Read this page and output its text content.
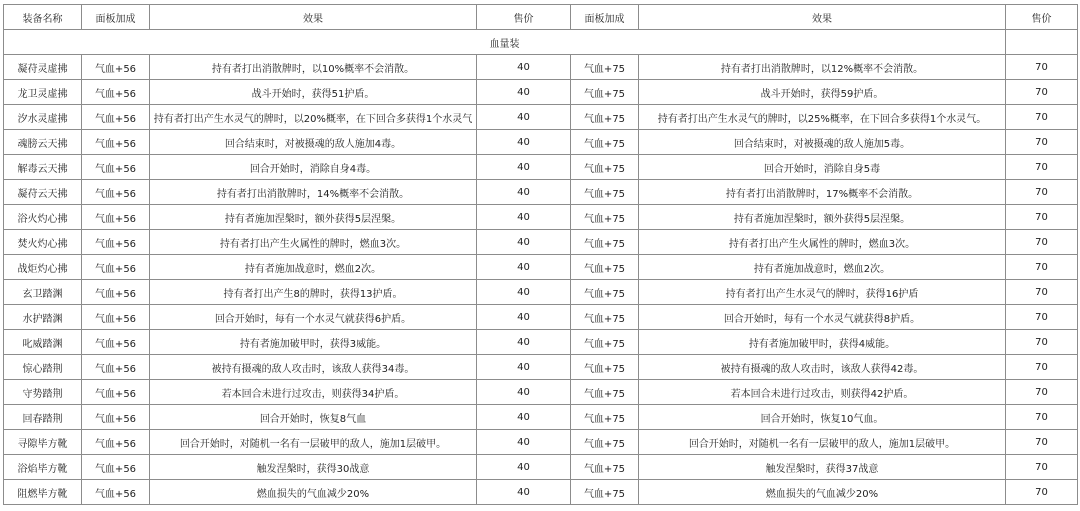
装备名称	面板加成	效果	售价	面板加成	效果	售价
血量装						
凝苻灵虚拂	气血+56	持有者打出消散牌时，以10%概率不会消散。	40	气血+75	持有者打出消散牌时，以12%概率不会消散。	70
龙卫灵虚拂	气血+56	战斗开始时，获得51护盾。	40	气血+75	战斗开始时，获得59护盾。	70
汐水灵虚拂	气血+56	持有者打出产生水灵气的牌时，以20%概率，在下回合多获得1个水灵气	40	气血+75	持有者打出产生水灵气的牌时，以25%概率，在下回合多获得1个水灵气。	70
魂膀云天拂	气血+56	回合结束时，对被摄魂的敌人施加4毒。	40	气血+75	回合结束时，对被摄魂的敌人施加5毒。	70
解毒云天拂	气血+56	回合开始时，消除自身4毒。	40	气血+75	回合开始时，消除自身5毒	70
凝苻云天拂	气血+56	持有者打出消散牌时，14%概率不会消散。	40	气血+75	持有者打出消散牌时，17%概率不会消散。	70
浴火灼心拂	气血+56	持有者施加涅槃时，额外获得5层涅槃。	40	气血+75	持有者施加涅槃时，额外获得5层涅槃。	70
焚火灼心拂	气血+56	持有者打出产生火属性的牌时，燃血3次。	40	气血+75	持有者打出产生火属性的牌时，燃血3次。	70
战炬灼心拂	气血+56	持有者施加战意时，燃血2次。	40	气血+75	持有者施加战意时，燃血2次。	70
玄卫踏渊	气血+56	持有者打出产生8的牌时，获得13护盾。	40	气血+75	持有者打出产生水灵气的牌时，获得16护盾	70
水护踏渊	气血+56	回合开始时，每有一个水灵气就获得6护盾。	40	气血+75	回合开始时，每有一个水灵气就获得8护盾。	70
叱威踏渊	气血+56	持有者施加破甲时，获得3威能。	40	气血+75	持有者施加破甲时，获得4威能。	70
惊心踏荆	气血+56	被持有摄魂的敌人攻击时，该敌人获得34毒。	40	气血+75	被持有摄魂的敌人攻击时，该敌人获得42毒。	70
守势踏荆	气血+56	若本回合未进行过攻击，则获得34护盾。	40	气血+75	若本回合未进行过攻击，则获得42护盾。	70
回春踏荆	气血+56	回合开始时，恢复8气血	40	气血+75	回合开始时，恢复10气血。	70
寻隙毕方靴	气血+56	回合开始时，对随机一名有一层破甲的敌人，施加1层破甲。	40	气血+75	回合开始时，对随机一名有一层破甲的敌人，施加1层破甲。	70
浴焰毕方靴	气血+56	触发涅槃时，获得30战意	40	气血+75	触发涅槃时，获得37战意	70
阻燃毕方靴	气血+56	燃血损失的气血减少20%	40	气血+75	燃血损失的气血减少20%	70
